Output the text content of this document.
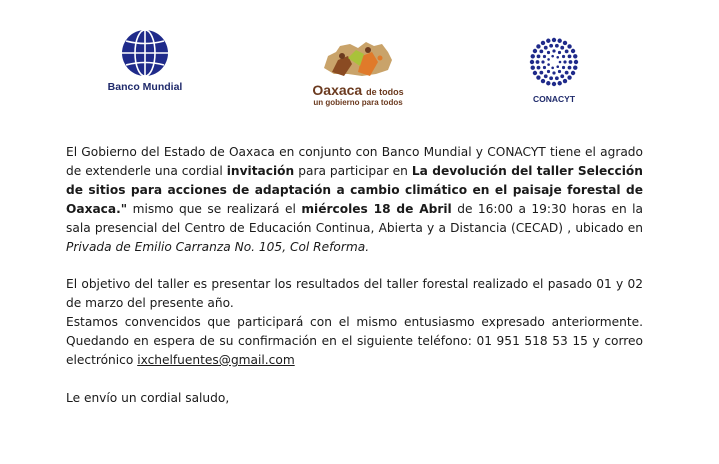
Banco Mundial	Oaxaca de todos
un gobierno para todos	CONACYT

El Gobierno del Estado de Oaxaca en conjunto con Banco Mundial y CONACYT tiene el agrado de extenderle una cordial invitación para participar en La devolución del taller Selección de sitios para acciones de adaptación a cambio climático en el paisaje forestal de Oaxaca." mismo que se realizará el miércoles 18 de Abril de 16:00 a 19:30 horas en la sala presencial del Centro de Educación Continua, Abierta y a Distancia (CECAD) , ubicado en Privada de Emilio Carranza No. 105, Col Reforma.

El objetivo del taller es presentar los resultados del taller forestal realizado el pasado 01 y 02 de marzo del presente año.

Estamos convencidos que participará con el mismo entusiasmo expresado anteriormente. Quedando en espera de su confirmación en el siguiente teléfono: 01 951 518 53 15 y correo electrónico ixchelfuentes@gmail.com

Le envío un cordial saludo,
